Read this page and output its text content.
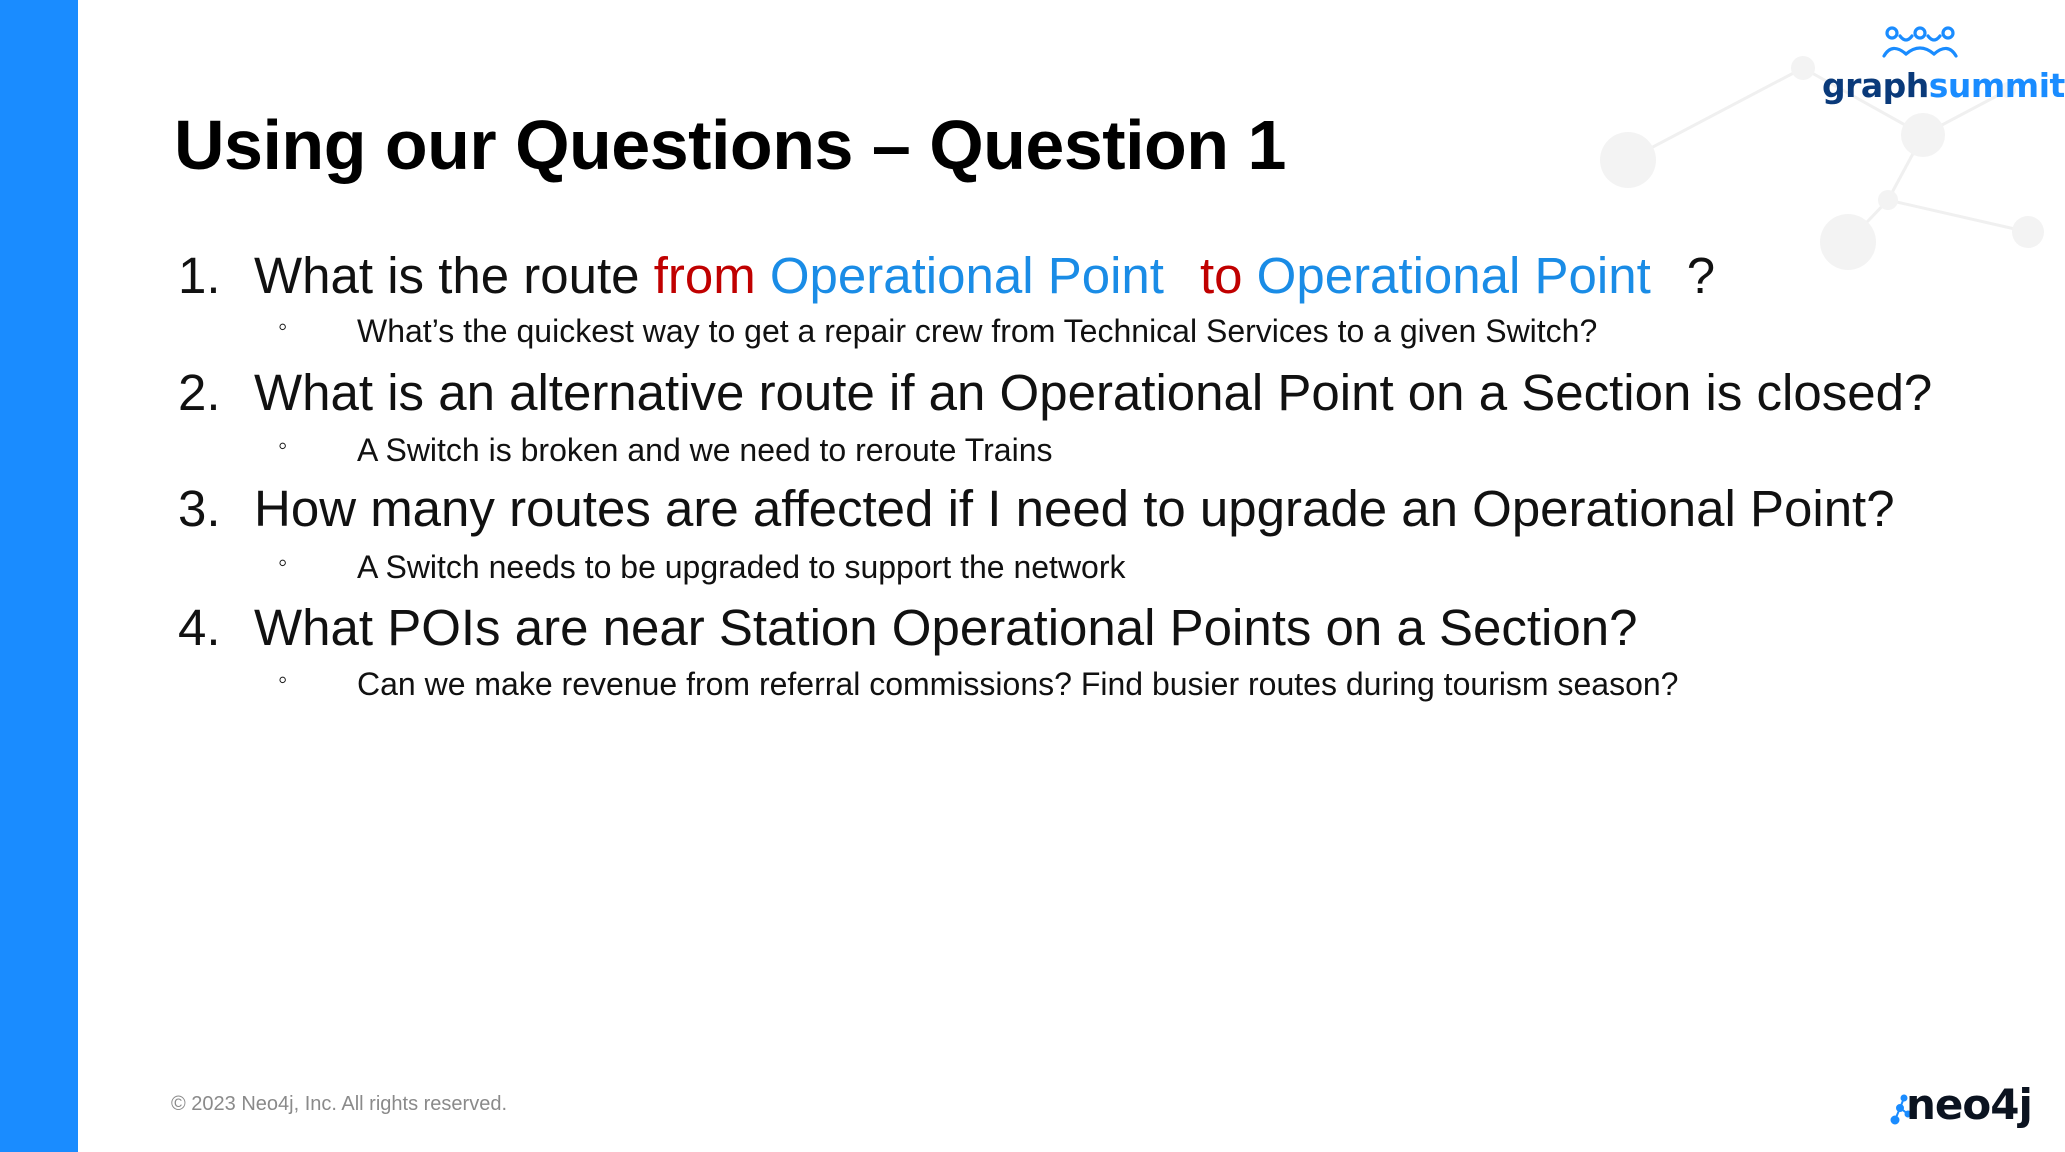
graphsummit
Using our Questions – Question 1
1. What is the route from Operational Point to Operational Point ?
◦ What’s the quickest way to get a repair crew from Technical Services to a given Switch?
2. What is an alternative route if an Operational Point on a Section is closed?
◦ A Switch is broken and we need to reroute Trains
3. How many routes are affected if I need to upgrade an Operational Point?
◦ A Switch needs to be upgraded to support the network
4. What POIs are near Station Operational Points on a Section?
◦ Can we make revenue from referral commissions? Find busier routes during tourism season?
© 2023 Neo4j, Inc. All rights reserved.	neo4j
